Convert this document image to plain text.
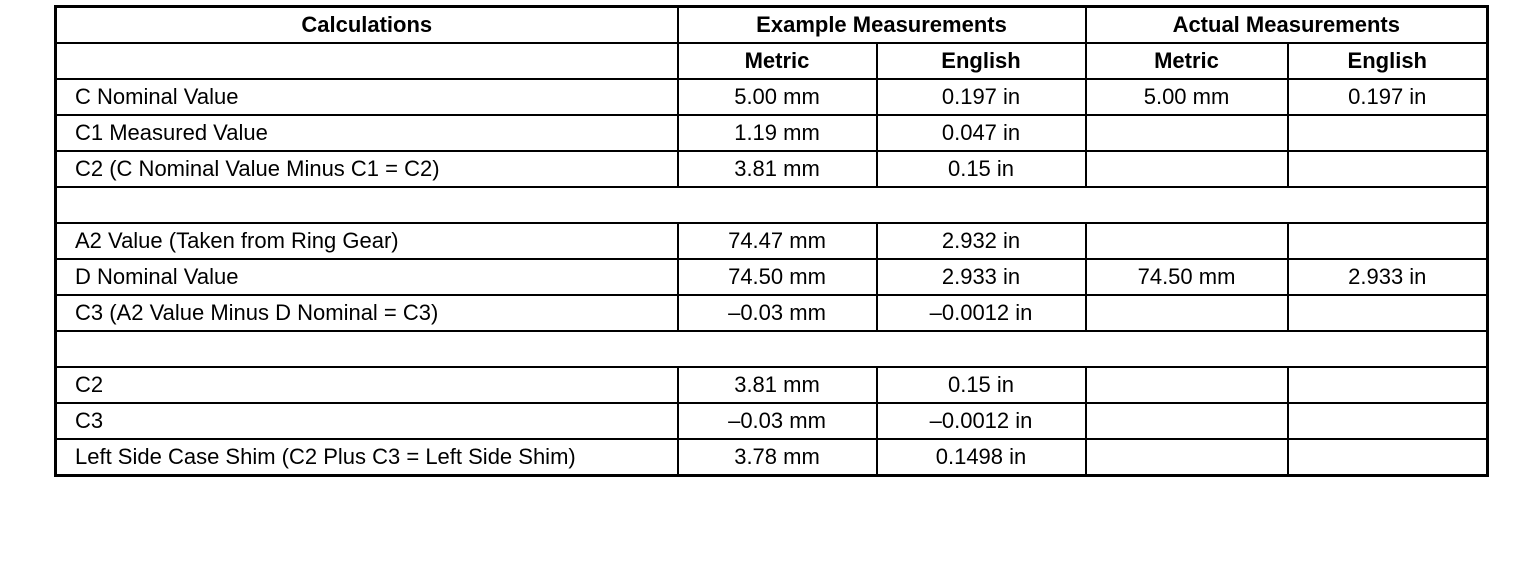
Calculations	Example Measurements		Actual Measurements	
	Metric	English	Metric	English
C Nominal Value	5.00 mm	0.197 in	5.00 mm	0.197 in
C1 Measured Value	1.19 mm	0.047 in		
C2 (C Nominal Value Minus C1 = C2)	3.81 mm	0.15 in		

A2 Value (Taken from Ring Gear)	74.47 mm	2.932 in		
D Nominal Value	74.50 mm	2.933 in	74.50 mm	2.933 in
C3 (A2 Value Minus D Nominal = C3)	–0.03 mm	–0.0012 in		

C2	3.81 mm	0.15 in		
C3	–0.03 mm	–0.0012 in		
Left Side Case Shim (C2 Plus C3 = Left Side Shim)	3.78 mm	0.1498 in		
